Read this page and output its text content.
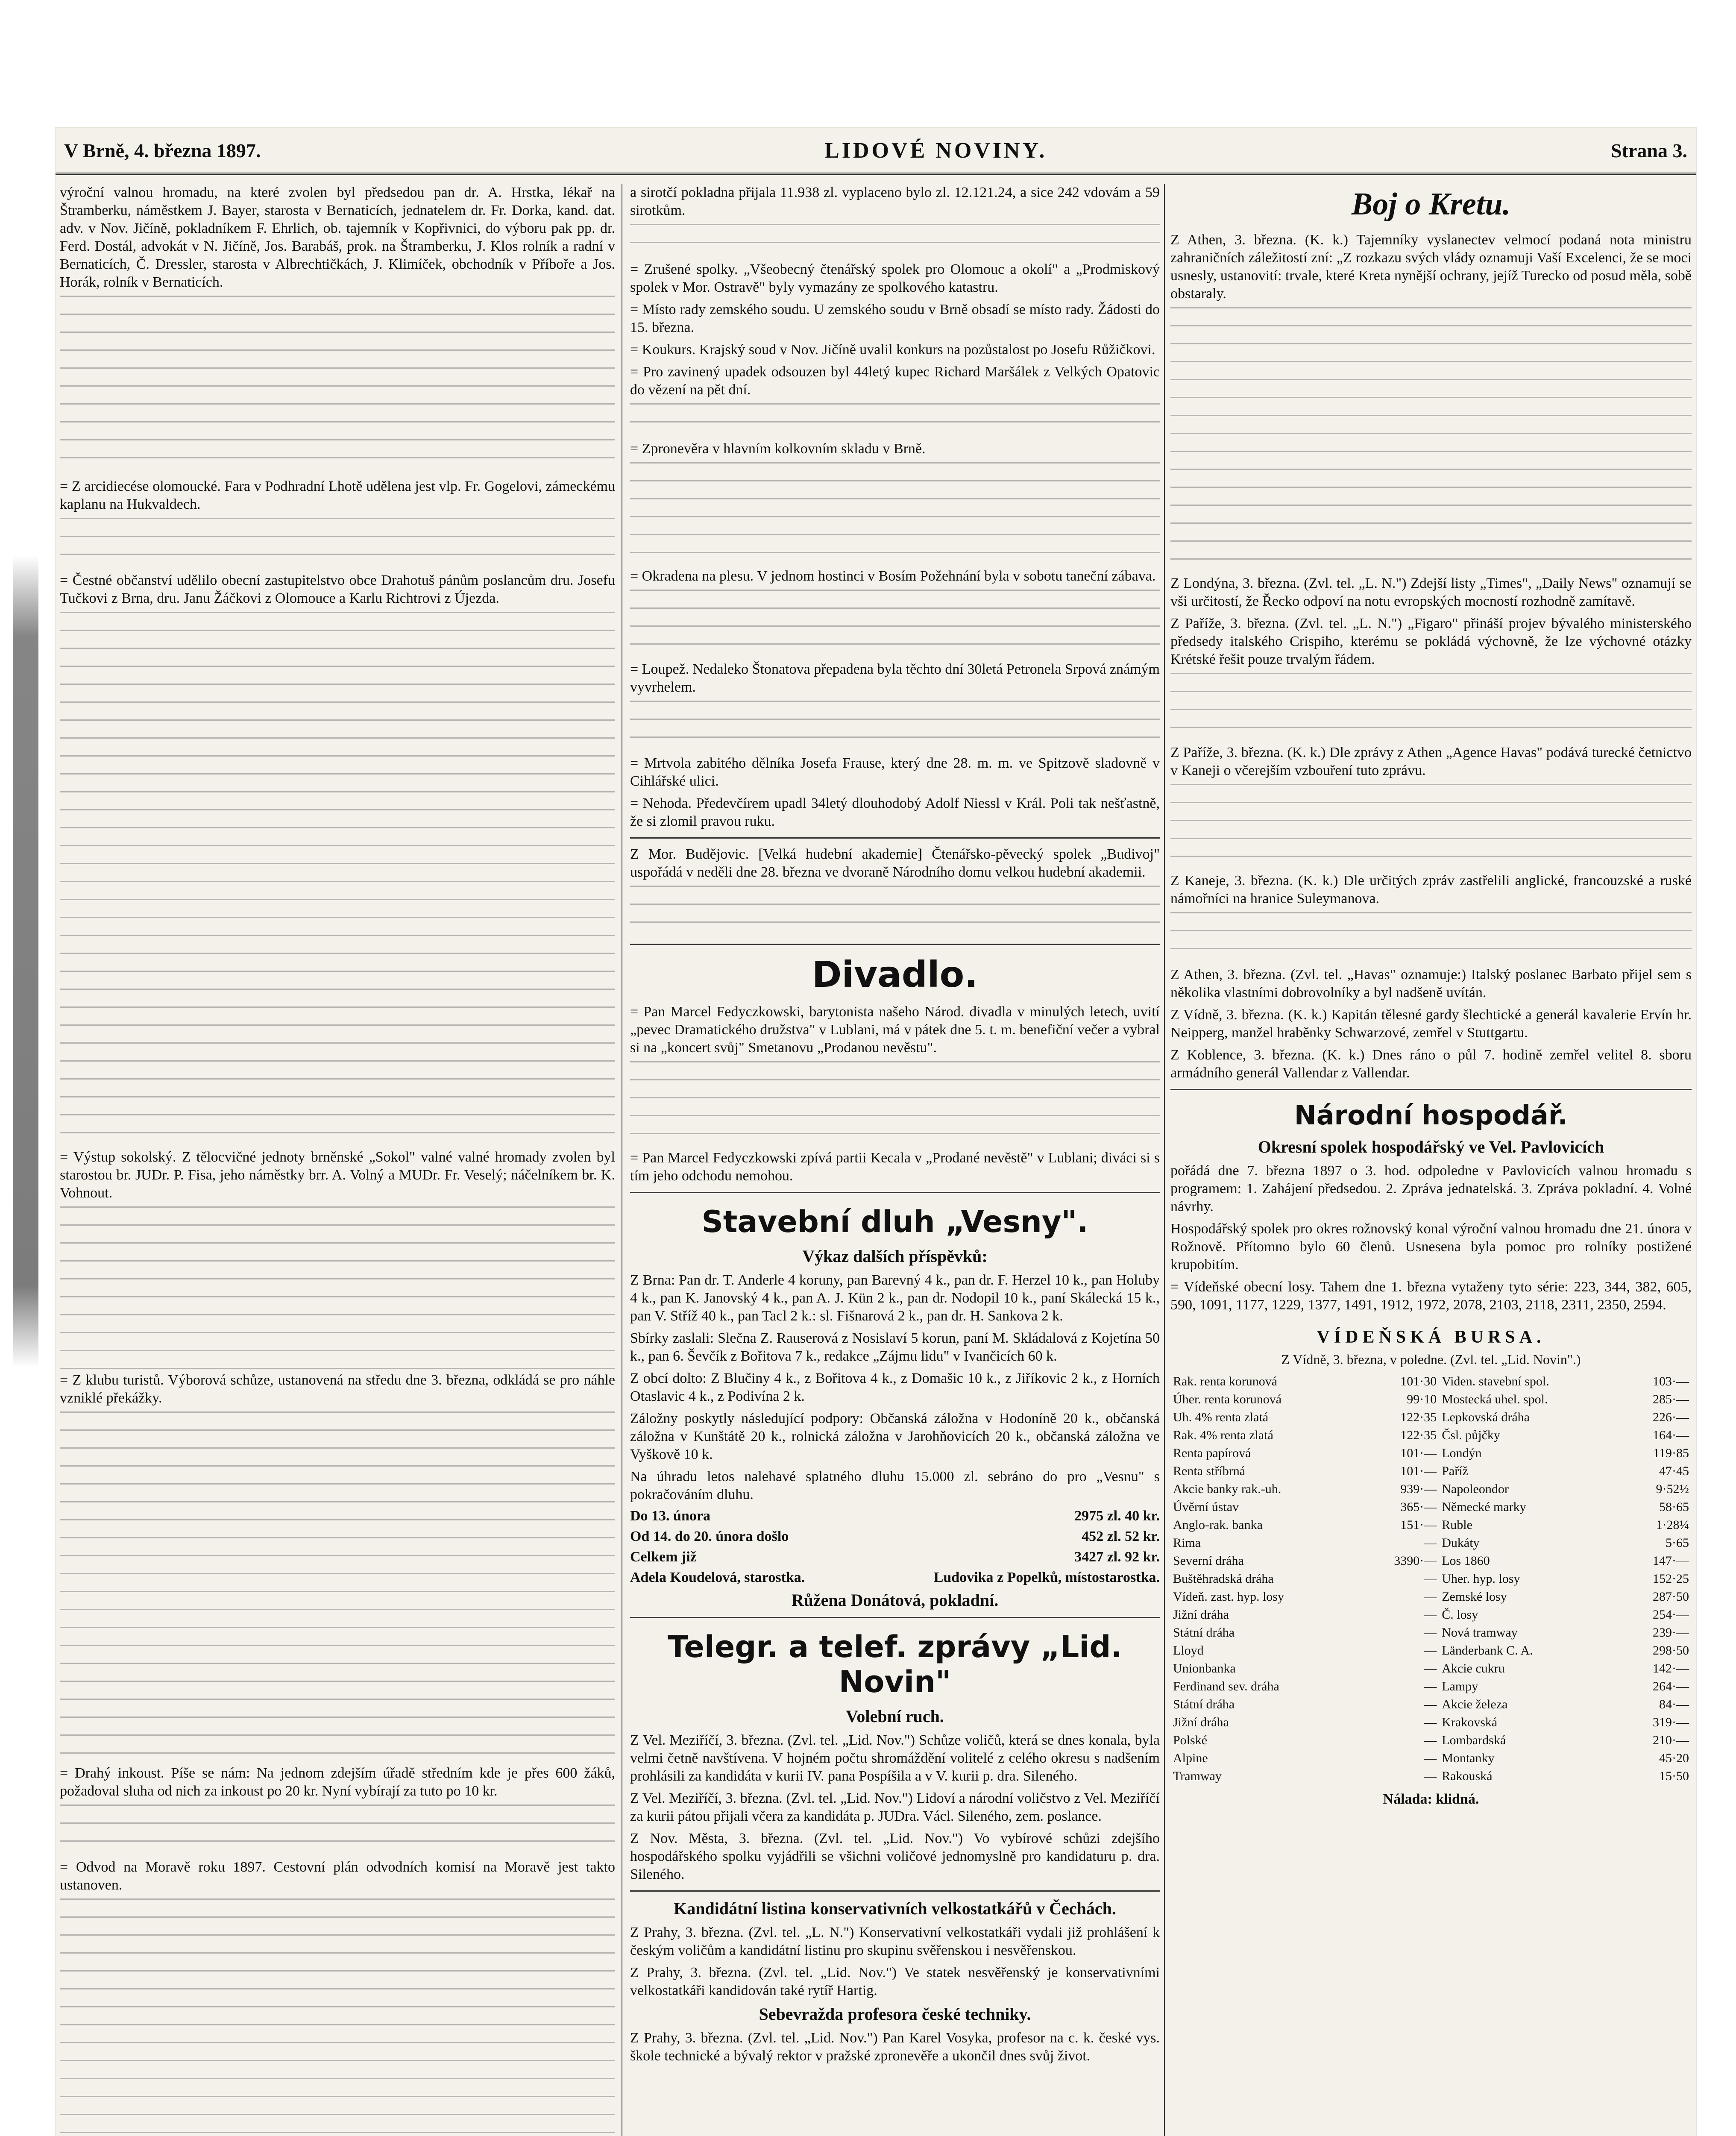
V Brně, 4. března 1897.	LIDOVÉ NOVINY.	Strana 3.

výroční valnou hromadu, na které zvolen byl předsedou pan dr. A. Hrstka, lékař na Štramberku, náměstkem J. Bayer, starosta v Bernaticích, jednatelem dr. Fr. Dorka, kand. dat. adv. v Nov. Jičíně, pokladníkem F. Ehrlich, ob. tajemník v Kopřivnici, do výboru pak pp. dr. Ferd. Dostál, advokát v N. Jičíně, Jos. Barabáš, prok. na Štramberku, J. Klos rolník a radní v Bernaticích, Č. Dressler, starosta v Albrechtičkách, J. Klimíček, obchodník v Příboře a Jos. Horák, rolník v Bernaticích.

= Z arcidiecése olomoucké. Fara v Podhradní Lhotě udělena jest vlp. Fr. Gogelovi, zámeckému kaplanu na Hukvaldech.

= Čestné občanství udělilo obecní zastupitelstvo obce Drahotuš pánům poslancům dru. Josefu Tučkovi z Brna, dru. Janu Žáčkovi z Olomouce a Karlu Richtrovi z Újezda.

= Výstup sokolský. Z tělocvičné jednoty brněnské „Sokol" valné valné hromady zvolen byl starostou br. JUDr. P. Fisa, jeho náměstky brr. A. Volný a MUDr. Fr. Veselý; náčelníkem br. K. Vohnout.

= Z klubu turistů. Výborová schůze, ustanovená na středu dne 3. března, odkládá se pro náhle vzniklé překážky.

= Drahý inkoust. Píše se nám: Na jednom zdejším úřadě středním kde je přes 600 žáků, požadoval sluha od nich za inkoust po 20 kr. Nyní vybírají za tuto po 10 kr.

= Odvod na Moravě roku 1897. Cestovní plán odvodních komisí na Moravě jest takto ustanoven.

a sirotčí pokladna přijala 11.938 zl. vyplaceno bylo zl. 12.121.24, a sice 242 vdovám a 59 sirotkům.

= Zrušené spolky. „Všeobecný čtenářský spolek pro Olomouc a okolí" a „Prodmiskový spolek v Mor. Ostravě" byly vymazány ze spolkového katastru.

= Místo rady zemského soudu. U zemského soudu v Brně obsadí se místo rady. Žádosti do 15. března.

= Koukurs. Krajský soud v Nov. Jičíně uvalil konkurs na pozůstalost po Josefu Růžičkovi.

= Pro zavinený upadek odsouzen byl 44letý kupec Richard Maršálek z Velkých Opatovic do vězení na pět dní.

= Zpronevěra v hlavním kolkovním skladu v Brně.

= Okradena na plesu. V jednom hostinci v Bosím Požehnání byla v sobotu taneční zábava.

= Loupež. Nedaleko Štonatova přepadena byla těchto dní 30letá Petronela Srpová známým vyvrhelem.

= Mrtvola zabitého dělníka Josefa Frause, který dne 28. m. m. ve Spitzově sladovně v Cihlářské ulici.

= Nehoda. Předevčírem upadl 34letý dlouhodobý Adolf Niessl v Král. Poli tak nešťastně, že si zlomil pravou ruku.

Z Mor. Budějovic. [Velká hudební akademie] Čtenářsko-pěvecký spolek „Budivoj" uspořádá v neděli dne 28. března ve dvoraně Národního domu velkou hudební akademii.

Divadlo.

= Pan Marcel Fedyczkowski, barytonista našeho Národ. divadla v minulých letech, uvití „pevec Dramatického družstva" v Lublani, má v pátek dne 5. t. m. benefiční večer a vybral si na „koncert svůj" Smetanovu „Prodanou nevěstu".

= Pan Marcel Fedyczkowski zpívá partii Kecala v „Prodané nevěstě" v Lublani; diváci si s tím jeho odchodu nemohou.

Stavební dluh „Vesny".
Výkaz dalších příspěvků:

Z Brna: Pan dr. T. Anderle 4 koruny, pan Barevný 4 k., pan dr. F. Herzel 10 k., pan Holuby 4 k., pan K. Janovský 4 k., pan A. J. Kün 2 k., pan dr. Nodopil 10 k., paní Skálecká 15 k., pan V. Stříž 40 k., pan Tacl 2 k.: sl. Fišnarová 2 k., pan dr. H. Sankova 2 k.

Sbírky zaslali: Slečna Z. Rauserová z Nosislaví 5 korun, paní M. Skládalová z Kojetína 50 k., pan 6. Ševčík z Bořitova 7 k., redakce „Zájmu lidu" v Ivančicích 60 k.

Z obcí dolto: Z Blučiny 4 k., z Bořitova 4 k., z Domašic 10 k., z Jiříkovic 2 k., z Horních Otaslavic 4 k., z Podivína 2 k.

Záložny poskytly následující podpory: Občanská záložna v Hodoníně 20 k., občanská záložna v Kunštátě 20 k., rolnická záložna v Jarohňovicích 20 k., občanská záložna ve Vyškově 10 k.

Na úhradu letos nalehavé splatného dluhu 15.000 zl. sebráno do pro „Vesnu" s pokračováním dluhu.

Do 13. února	2975 zl. 40 kr.
Od 14. do 20. února došlo	452 zl. 52 kr.
Celkem již	3427 zl. 92 kr.
Adela Koudelová, starostka.	Ludovika z Popelků, místostarostka.
Růžena Donátová, pokladní.
Telegr. a telef. zprávy „Lid. Novin"
Volební ruch.

Z Vel. Meziříčí, 3. března. (Zvl. tel. „Lid. Nov.") Schůze voličů, která se dnes konala, byla velmi četně navštívena. V hojném počtu shromáždění volitelé z celého okresu s nadšením prohlásili za kandidáta v kurii IV. pana Pospíšila a v V. kurii p. dra. Sileného.

Z Vel. Meziříčí, 3. března. (Zvl. tel. „Lid. Nov.") Lidoví a národní voličstvo z Vel. Meziříčí za kurii pátou přijali včera za kandidáta p. JUDra. Václ. Sileného, zem. poslance.

Z Nov. Města, 3. března. (Zvl. tel. „Lid. Nov.") Vo vybírové schůzi zdejšího hospodářského spolku vyjádřili se všichni voličové jednomyslně pro kandidaturu p. dra. Sileného.

Kandidátní listina konservativních velkostatkářů v Čechách.

Z Prahy, 3. března. (Zvl. tel. „L. N.") Konservativní velkostatkáři vydali již prohlášení k českým voličům a kandidátní listinu pro skupinu svěřenskou i nesvěřenskou.

Z Prahy, 3. března. (Zvl. tel. „Lid. Nov.") Ve statek nesvěřenský je konservativními velkostatkáři kandidován také rytíř Hartig.

Sebevražda profesora české techniky.

Z Prahy, 3. března. (Zvl. tel. „Lid. Nov.") Pan Karel Vosyka, profesor na c. k. české vys. škole technické a bývalý rektor v pražské zpronevěře a ukončil dnes svůj život.

Boj o Kretu.

Z Athen, 3. března. (K. k.) Tajemníky vyslanectev velmocí podaná nota ministru zahraničních záležitostí zní: „Z rozkazu svých vlády oznamuji Vaší Excelenci, že se moci usnesly, ustanovití: trvale, které Kreta nynější ochrany, jejíž Turecko od posud měla, sobě obstaraly.

Z Londýna, 3. března. (Zvl. tel. „L. N.") Zdejší listy „Times", „Daily News" oznamují se vši určitostí, že Řecko odpoví na notu evropských mocností rozhodně zamítavě.

Z Paříže, 3. března. (Zvl. tel. „L. N.") „Figaro" přináší projev bývalého ministerského předsedy italského Crispiho, kterému se pokládá výchovně, že lze výchovné otázky Krétské řešit pouze trvalým řádem.

Z Paříže, 3. března. (K. k.) Dle zprávy z Athen „Agence Havas" podává turecké četnictvo v Kaneji o včerejším vzbouření tuto zprávu.

Z Kaneje, 3. března. (K. k.) Dle určitých zpráv zastřelili anglické, francouzské a ruské námořníci na hranice Suleymanova.

Z Athen, 3. března. (Zvl. tel. „Havas" oznamuje:) Italský poslanec Barbato přijel sem s několika vlastními dobrovolníky a byl nadšeně uvítán.

Z Vídně, 3. března. (K. k.) Kapitán tělesné gardy šlechtické a generál kavalerie Ervín hr. Neipperg, manžel hraběnky Schwarzové, zemřel v Stuttgartu.

Z Koblence, 3. března. (K. k.) Dnes ráno o půl 7. hodině zemřel velitel 8. sboru armádního generál Vallendar z Vallendar.

Národní hospodář.
Okresní spolek hospodářský ve Vel. Pavlovicích

pořádá dne 7. března 1897 o 3. hod. odpoledne v Pavlovicích valnou hromadu s programem: 1. Zahájení předsedou. 2. Zpráva jednatelská. 3. Zpráva pokladní. 4. Volné návrhy.

Hospodářský spolek pro okres rožnovský konal výroční valnou hromadu dne 21. února v Rožnově. Přítomno bylo 60 členů. Usnesena byla pomoc pro rolníky postižené krupobitím.

= Vídeňské obecní losy. Tahem dne 1. března vytaženy tyto série: 223, 344, 382, 605, 590, 1091, 1177, 1229, 1377, 1491, 1912, 1972, 2078, 2103, 2118, 2311, 2350, 2594.

VÍDEŇSKÁ BURSA.
Z Vídně, 3. března, v poledne. (Zvl. tel. „Lid. Novin".)
Rak. renta korunová	101·30	Viden. stavební spol.	103·—
Úher. renta korunová	99·10	Mostecká uhel. spol.	285·—
Uh. 4% renta zlatá	122·35	Lepkovská dráha	226·—
Rak. 4% renta zlatá	122·35	Čsl. půjčky	164·—
Renta papírová	101·—	Londýn	119·85
Renta stříbrná	101·—	Paříž	47·45
Akcie banky rak.-uh.	939·—	Napoleondor	9·52½
Úvěrní ústav	365·—	Německé marky	58·65
Anglo-rak. banka	151·—	Ruble	1·28¼
Rima	—	Dukáty	5·65
Severní dráha	3390·—	Los 1860	147·—
Buštěhradská dráha	—	Uher. hyp. losy	152·25
Vídeň. zast. hyp. losy	—	Zemské losy	287·50
Jižní dráha	—	Č. losy	254·—
Státní dráha	—	Nová tramway	239·—
Lloyd	—	Länderbank C. A.	298·50
Unionbanka	—	Akcie cukru	142·—
Ferdinand sev. dráha	—	Lampy	264·—
Státní dráha	—	Akcie železa	84·—
Jižní dráha	—	Krakovská	319·—
Polské	—	Lombardská	210·—
Alpine	—	Montanky	45·20
Tramway	—	Rakouská	15·50
Nálada: klidná.
